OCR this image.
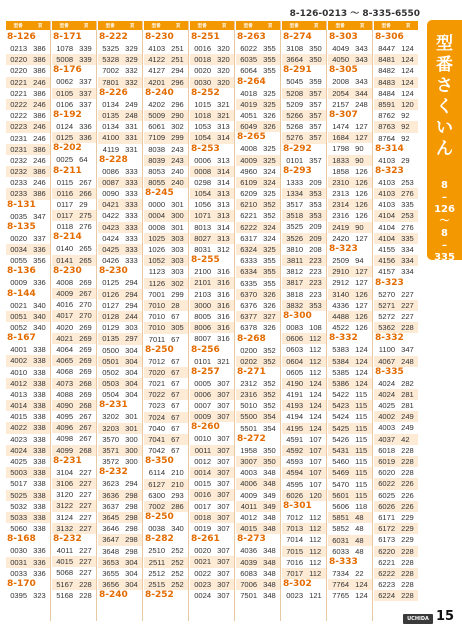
8-126-0213 ～ 8-335-6550
型番	頁
8-126
0213 386
0220 386
0220 386
0221 246
0221 386
0222 246
0222 386
0223 246
0231 246
0231 386
0232 246
0232 386
0233 246
0233 386
8-131
0035 347
8-135
0020 337
0034 336
0055 356
8-136
0009 336
8-144
0021 340
0051 340
0052 340
8-167
4001 338
4002 338
4010 338
4012 338
4013 338
4014 338
4015 338
4022 338
4023 338
4024 338
4025 338
5003 338
5017 338
5025 338
5032 338
5033 338
5060 338
8-168
0030 336
0031 336
0033 336
8-170
0395 323
型番	頁
8-171
1078 339
5008 339
8-176
0062 337
0105 337
0106 337
8-192
0124 336
0125 336
8-202
0025 64
8-211
0115 267
0116 266
0117 29
0117 275
0118 276
8-214
0140 265
0141 265
8-230
4008 269
4009 267
4016 270
4017 270
4020 269
4021 269
4064 269
4065 269
4068 269
4073 268
4088 269
4090 268
4095 267
4096 267
4098 267
4099 268
8-231
3104 227
3106 227
3120 227
3122 227
3124 227
3132 227
8-232
4011 227
4015 227
5068 227
5167 228
5168 228
型番	頁
8-222
5325 329
5328 329
7002 332
7801 332
8-226
0134 249
0135 248
0134 331
4100 331
4119 331
8-228
0086 333
0087 333
0090 333
0421 333
0422 333
0423 333
0424 333
0425 333
0426 333
8-230
0125 294
0126 294
0127 294
0128 244
0129 303
0135 297
0500 304
0501 304
0502 304
0503 304
0504 304
8-231
3202 301
3203 301
3570 300
3571 300
3572 300
8-232
3623 294
3636 298
3637 298
3645 298
3646 298
3647 298
3648 298
3653 304
3655 304
3656 304
8-240
型番	頁
8-230
4103 251
4122 251
4127 294
4201 296
8-240
4202 296
5009 290
6061 302
7109 299
8038 243
8039 243
8053 240
8055 240
8-245
0000 301
0004 300
0008 301
1025 303
1026 303
1052 303
1123 303
1126 302
7001 299
7010 28
7010 67
7010 305
7011 67
8-250
7012 67
7020 67
7021 67
7022 67
7023 67
7024 67
7040 67
7041 67
7042 67
8-350
6114 210
6127 210
6300 293
7002 286
8-250
0038 340
8-282
2510 252
2511 252
2512 252
2515 252
8-252
型番	頁
8-251
0016 320
0018 320
0020 320
0030 320
8-252
1015 321
1018 321
1053 313
1054 314
8-253
0006 313
0008 314
0298 314
1054 313
1056 313
1071 313
8013 314
8027 313
8031 312
8-255
2100 316
2101 316
2103 316
3000 316
8005 316
8006 316
8007 316
8-256
0101 321
8-257
0005 307
0006 307
0007 307
0009 307
8-260
0010 307
0011 307
0012 307
0014 307
0015 307
0016 307
0017 307
0018 307
0019 307
8-261
0020 307
0021 307
0022 307
0023 307
0024 307
型番	頁
8-263
6022 355
6035 355
6064 355
8-264
4018 325
4019 325
4051 326
6049 326
8-265
4008 325
4009 325
4960 324
6109 324
6209 325
6210 352
6221 352
6222 324
6317 324
6324 325
6333 355
6334 355
6335 355
6370 326
6376 326
6377 327
6378 326
8-268
0200 352
0202 352
8-271
2312 352
2316 352
5010 352
5500 354
5501 354
8-272
1958 350
3007 350
4003 348
4006 348
4009 349
4011 349
4012 348
4015 348
8-273
4036 348
4039 348
6083 348
7006 348
7501 348
型番	頁
8-274
3108 350
3664 350
8-291
5045 359
5208 357
5209 357
5266 357
5268 357
5276 357
8-292
0101 357
8-293
1333 209
1334 353
3517 353
3518 353
3525 209
3526 209
3810 208
3811 223
3812 223
3817 223
3818 223
3832 353
8-300
0083 108
0606 112
0603 112
0604 112
0605 112
4190 124
4191 124
4193 124
4194 124
4195 124
4591 107
4592 107
4593 107
4594 107
4595 107
6026 120
8-301
7012 112
7013 112
7014 112
7015 112
7016 112
7017 112
8-302
0023 121
型番	頁
8-303
4049 343
4050 343
8-305
2008 343
2054 344
2157 248
8-307
1474 127
1684 127
1798 90
1833 90
1858 126
2310 126
2313 126
2314 126
2316 126
2419 90
2420 127
8-323
2509 94
2910 127
2912 127
3140 126
4336 127
4488 126
4522 126
8-332
5383 124
5384 124
5385 124
5386 124
5422 115
5423 115
5424 115
5425 115
5426 115
5431 115
5460 115
5469 115
5470 115
5601 115
5606 118
5851 48
5852 48
6031 48
6033 48
8-333
7334 22
7764 124
7765 124
型番	頁
8-306
8447 124
8481 124
8482 124
8483 124
8484 124
8591 120
8762 92
8763 92
8764 92
8-314
4103 29
8-323
4103 253
4103 276
4103 335
4104 253
4104 276
4104 335
4155 334
4156 334
4157 334
8-323
5270 227
5271 227
5272 227
5362 228
8-332
1100 347
4067 248
8-335
4024 282
4024 281
4025 281
4002 249
4003 249
4037 42
6018 228
6019 228
6020 228
6022 226
6025 226
6026 226
6171 229
6172 229
6173 229
6220 228
6221 228
6222 228
6223 228
6224 228
型
番
さ
く
い
ん
8
–
126
～
8
–
335
UCHIDA 15
